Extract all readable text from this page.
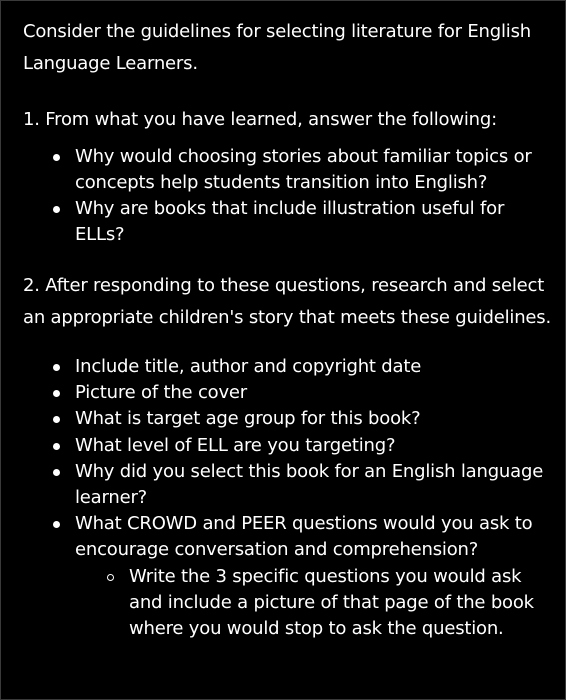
Consider the guidelines for selecting literature for English Language Learners.

1. From what you have learned, answer the following:

Why would choosing stories about familiar topics or concepts help students transition into English?
Why are books that include illustration useful for ELLs?

2. After responding to these questions, research and select an appropriate children's story that meets these guidelines.

Include title, author and copyright date
Picture of the cover
What is target age group for this book?
What level of ELL are you targeting?
Why did you select this book for an English language learner?
What CROWD and PEER questions would you ask to encourage conversation and comprehension?
Write the 3 specific questions you would ask and include a picture of that page of the book where you would stop to ask the question.
